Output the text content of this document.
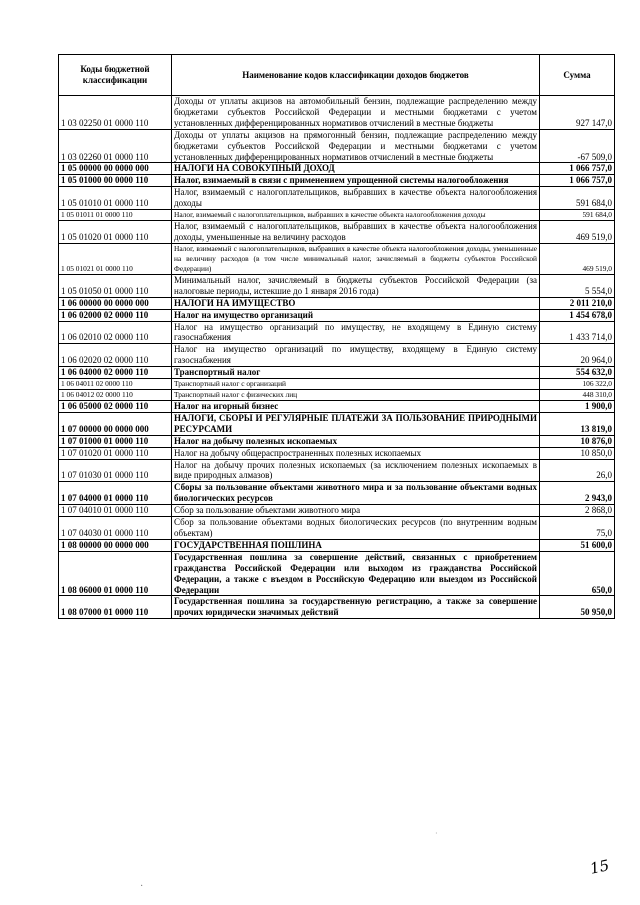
Коды бюджетной классификации	Наименование кодов классификации доходов бюджетов	Сумма
1 03 02250 01 0000 110	Доходы от уплаты акцизов на автомобильный бензин, подлежащие распределению между бюджетами субъектов Российской Федерации и местными бюджетами с учетом установленных дифференцированных нормативов отчислений в местные бюджеты	927 147,0
1 03 02260 01 0000 110	Доходы от уплаты акцизов на прямогонный бензин, подлежащие распределению между бюджетами субъектов Российской Федерации и местными бюджетами с учетом установленных дифференцированных нормативов отчислений в местные бюджеты	-67 509,0
1 05 00000 00 0000 000	НАЛОГИ НА СОВОКУПНЫЙ ДОХОД	1 066 757,0
1 05 01000 00 0000 110	Налог, взимаемый в связи с применением упрощенной системы налогообложения	1 066 757,0
1 05 01010 01 0000 110	Налог, взимаемый с налогоплательщиков, выбравших в качестве объекта налогообложения доходы	591 684,0
1 05 01011 01 0000 110	Налог, взимаемый с налогоплательщиков, выбравших в качестве объекта налогообложения доходы	591 684,0
1 05 01020 01 0000 110	Налог, взимаемый с налогоплательщиков, выбравших в качестве объекта налогообложения доходы, уменьшенные на величину расходов	469 519,0
1 05 01021 01 0000 110	Налог, взимаемый с налогоплательщиков, выбравших в качестве объекта налогообложения доходы, уменьшенные на величину расходов (в том числе минимальный налог, зачисляемый в бюджеты субъектов Российской Федерации)	469 519,0
1 05 01050 01 0000 110	Минимальный налог, зачисляемый в бюджеты субъектов Российской Федерации (за налоговые периоды, истекшие до 1 января 2016 года)	5 554,0
1 06 00000 00 0000 000	НАЛОГИ НА ИМУЩЕСТВО	2 011 210,0
1 06 02000 02 0000 110	Налог на имущество организаций	1 454 678,0
1 06 02010 02 0000 110	Налог на имущество организаций по имуществу, не входящему в Единую систему газоснабжения	1 433 714,0
1 06 02020 02 0000 110	Налог на имущество организаций по имуществу, входящему в Единую систему газоснабжения	20 964,0
1 06 04000 02 0000 110	Транспортный налог	554 632,0
1 06 04011 02 0000 110	Транспортный налог с организаций	106 322,0
1 06 04012 02 0000 110	Транспортный налог с физических лиц	448 310,0
1 06 05000 02 0000 110	Налог на игорный бизнес	1 900,0
1 07 00000 00 0000 000	НАЛОГИ, СБОРЫ И РЕГУЛЯРНЫЕ ПЛАТЕЖИ ЗА ПОЛЬЗОВАНИЕ ПРИРОДНЫМИ РЕСУРСАМИ	13 819,0
1 07 01000 01 0000 110	Налог на добычу полезных ископаемых	10 876,0
1 07 01020 01 0000 110	Налог на добычу общераспространенных полезных ископаемых	10 850,0
1 07 01030 01 0000 110	Налог на добычу прочих полезных ископаемых (за исключением полезных ископаемых в виде природных алмазов)	26,0
1 07 04000 01 0000 110	Сборы за пользование объектами животного мира и за пользование объектами водных биологических ресурсов	2 943,0
1 07 04010 01 0000 110	Сбор за пользование объектами животного мира	2 868,0
1 07 04030 01 0000 110	Сбор за пользование объектами водных биологических ресурсов (по внутренним водным объектам)	75,0
1 08 00000 00 0000 000	ГОСУДАРСТВЕННАЯ ПОШЛИНА	51 600,0
1 08 06000 01 0000 110	Государственная пошлина за совершение действий, связанных с приобретением гражданства Российской Федерации или выходом из гражданства Российской Федерации, а также с въездом в Российскую Федерацию или выездом из Российской Федерации	650,0
1 08 07000 01 0000 110	Государственная пошлина за государственную регистрацию, а также за совершение прочих юридически значимых действий	50 950,0
15
·
·
